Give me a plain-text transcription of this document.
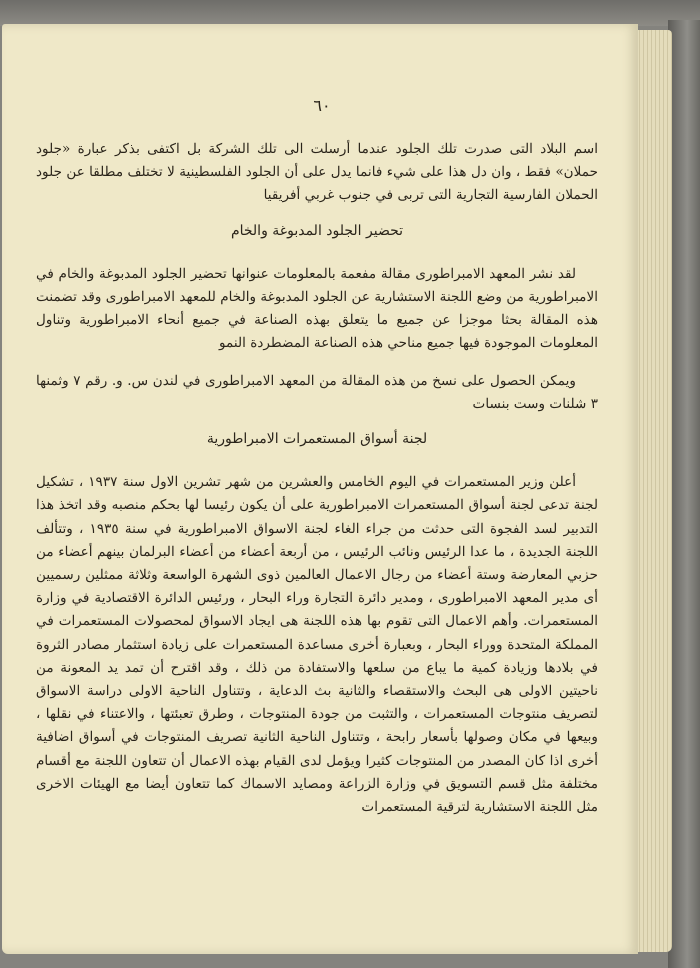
٦٠

اسم البلاد التى صدرت تلك الجلود عندما أرسلت الى تلك الشركة بل اكتفى بذكر عبارة «جلود حملان» فقط ، وان دل هذا على شيء فانما يدل على أن الجلود الفلسطينية لا تختلف مطلقا عن جلود الحملان الفارسية التجارية التى تربى في جنوب غربي أفريقيا

تحضير الجلود المدبوغة والخام

لقد نشر المعهد الامبراطورى مقالة مفعمة بالمعلومات عنوانها تحضير الجلود المدبوغة والخام في الامبراطورية من وضع اللجنة الاستشارية عن الجلود المدبوغة والخام للمعهد الامبراطورى وقد تضمنت هذه المقالة بحثا موجزا عن جميع ما يتعلق بهذه الصناعة في جميع أنحاء الامبراطورية وتناول المعلومات الموجودة فيها جميع مناحي هذه الصناعة المضطردة النمو

ويمكن الحصول على نسخ من هذه المقالة من المعهد الامبراطورى في لندن س. و. رقم ٧ وثمنها ٣ شلنات وست بنسات

لجنة أسواق المستعمرات الامبراطورية

أعلن وزير المستعمرات في اليوم الخامس والعشرين من شهر تشرين الاول سنة ١٩٣٧ ، تشكيل لجنة تدعى لجنة أسواق المستعمرات الامبراطورية على أن يكون رئيسا لها بحكم منصبه وقد اتخذ هذا التدبير لسد الفجوة التى حدثت من جراء الغاء لجنة الاسواق الامبراطورية في سنة ١٩٣٥ ، وتتألف اللجنة الجديدة ، ما عدا الرئيس ونائب الرئيس ، من أربعة أعضاء من أعضاء البرلمان بينهم أعضاء من حزبي المعارضة وستة أعضاء من رجال الاعمال العالمين ذوى الشهرة الواسعة وثلاثة ممثلين رسميين أى مدير المعهد الامبراطورى ، ومدير دائرة التجارة وراء البحار ، ورئيس الدائرة الاقتصادية في وزارة المستعمرات. وأهم الاعمال التى تقوم بها هذه اللجنة هى ايجاد الاسواق لمحصولات المستعمرات في المملكة المتحدة ووراء البحار ، وبعبارة أخرى مساعدة المستعمرات على زيادة استثمار مصادر الثروة في بلادها وزيادة كمية ما يباع من سلعها والاستفادة من ذلك ، وقد اقترح أن تمد يد المعونة من ناحيتين الاولى هى البحث والاستقصاء والثانية بث الدعاية ، وتتناول الناحية الاولى دراسة الاسواق لتصريف منتوجات المستعمرات ، والتثبت من جودة المنتوجات ، وطرق تعبئتها ، والاعتناء في نقلها ، وبيعها في مكان وصولها بأسعار رابحة ، وتتناول الناحية الثانية تصريف المنتوجات في أسواق اضافية أخرى اذا كان المصدر من المنتوجات كثيرا ويؤمل لدى القيام بهذه الاعمال أن تتعاون اللجنة مع أقسام مختلفة مثل قسم التسويق في وزارة الزراعة ومصايد الاسماك كما تتعاون أيضا مع الهيئات الاخرى مثل اللجنة الاستشارية لترقية المستعمرات
